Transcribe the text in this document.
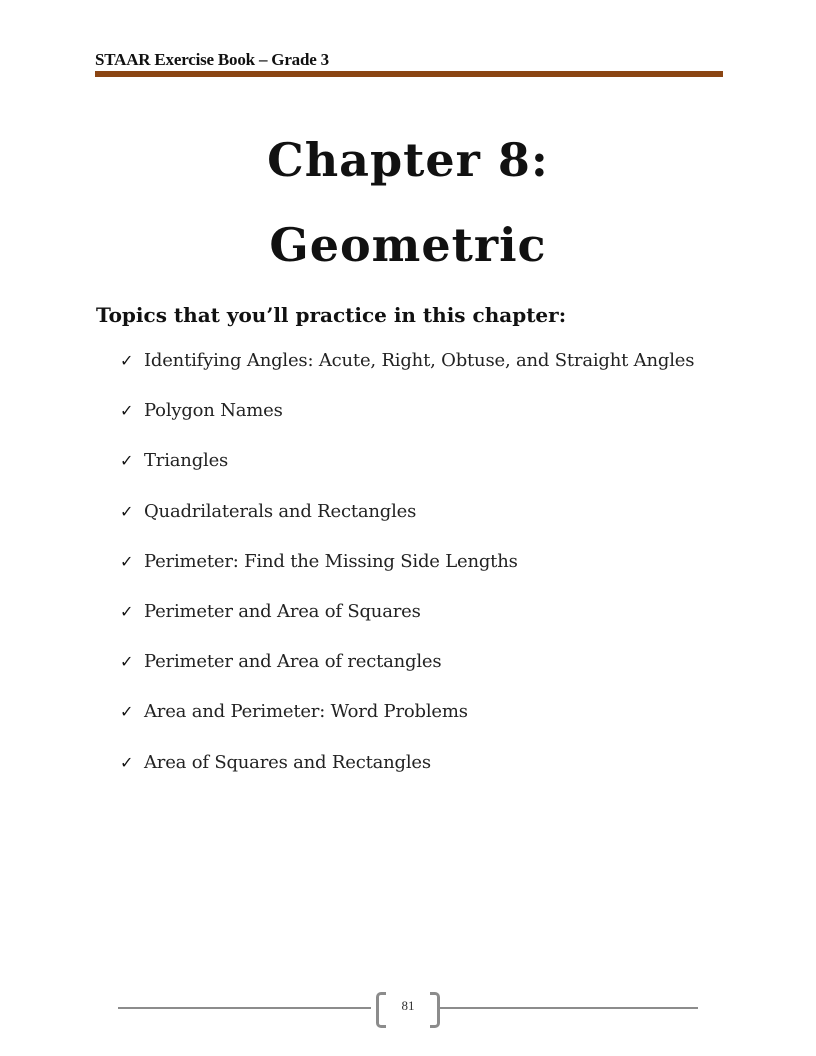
STAAR Exercise Book – Grade 3
Chapter 8:
Geometric
Topics that you’ll practice in this chapter:
✓ Identifying Angles: Acute, Right, Obtuse, and Straight Angles
✓ Polygon Names
✓ Triangles
✓ Quadrilaterals and Rectangles
✓ Perimeter: Find the Missing Side Lengths
✓ Perimeter and Area of Squares
✓ Perimeter and Area of rectangles
✓ Area and Perimeter: Word Problems
✓ Area of Squares and Rectangles
81
